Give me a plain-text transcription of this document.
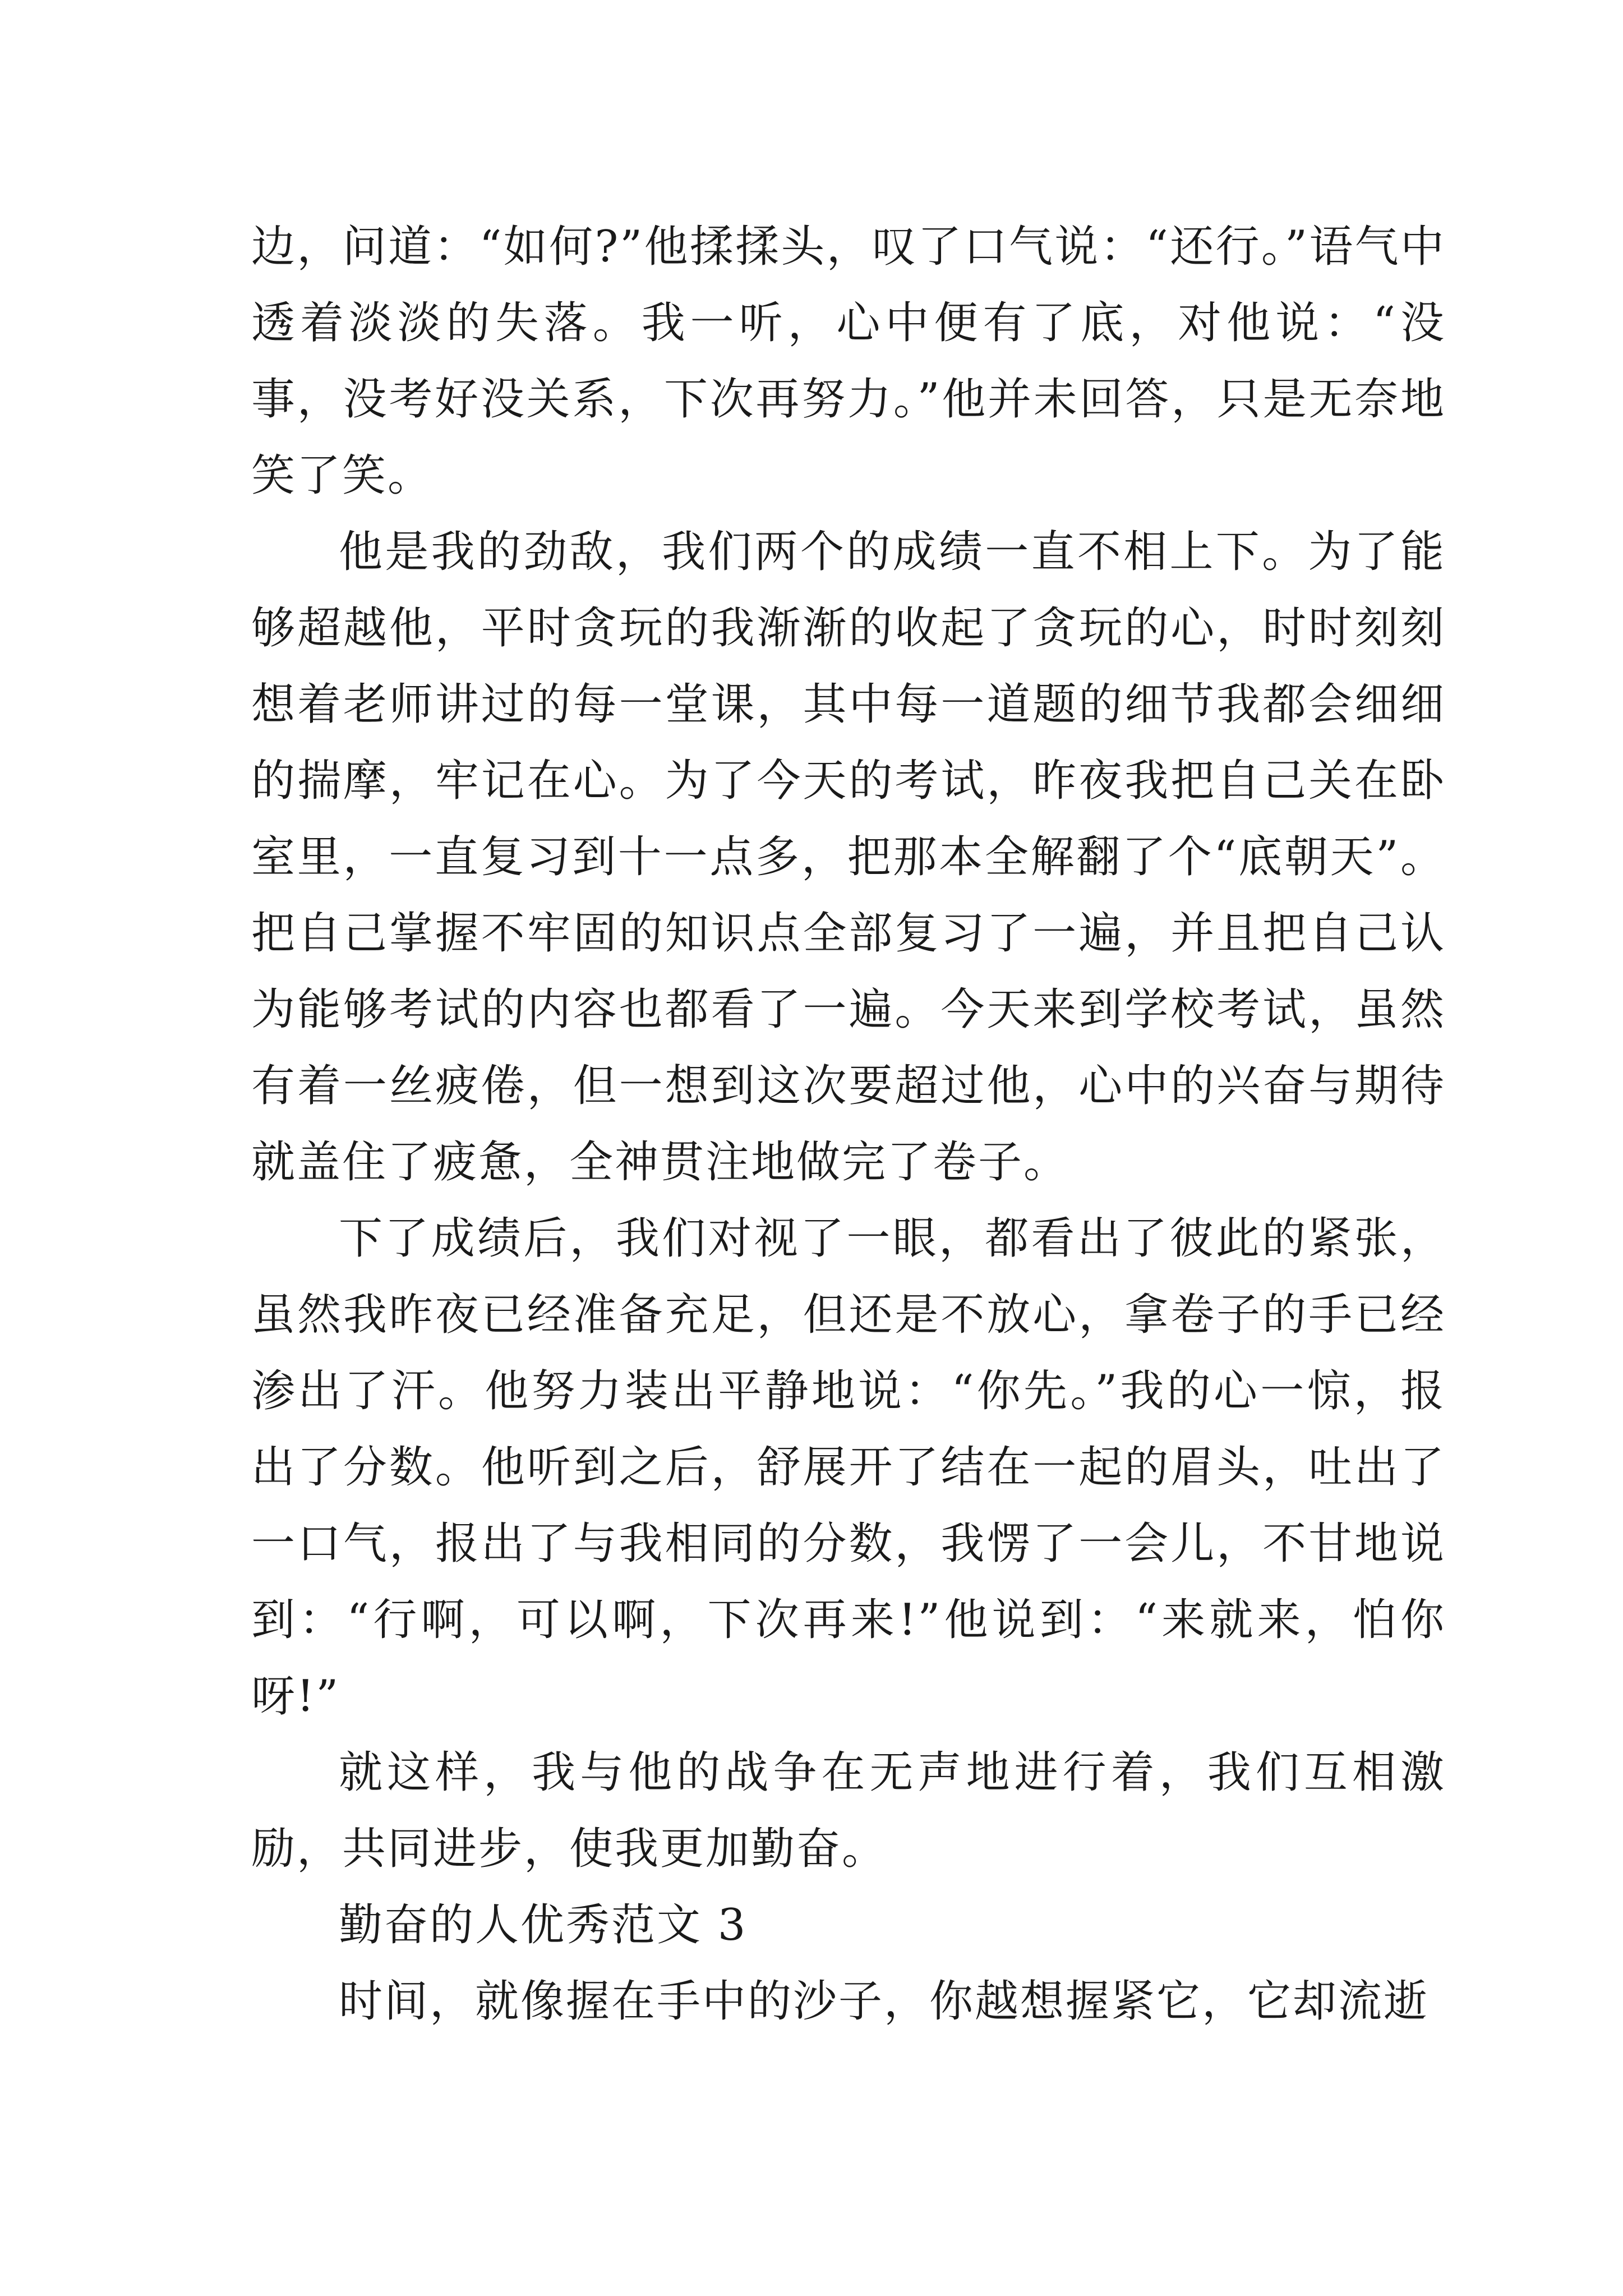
边，问道：“如何?”他揉揉头，叹了口气说：“还行。”语气中透着淡淡的失落。我一听，心中便有了底，对他说：“没事，没考好没关系，下次再努力。”他并未回答，只是无奈地笑了笑。

他是我的劲敌，我们两个的成绩一直不相上下。为了能够超越他，平时贪玩的我渐渐的收起了贪玩的心，时时刻刻想着老师讲过的每一堂课，其中每一道题的细节我都会细细的揣摩，牢记在心。为了今天的考试，昨夜我把自己关在卧室里，一直复习到十一点多，把那本全解翻了个“底朝天”。把自己掌握不牢固的知识点全部复习了一遍，并且把自己认为能够考试的内容也都看了一遍。今天来到学校考试，虽然有着一丝疲倦，但一想到这次要超过他，心中的兴奋与期待就盖住了疲惫，全神贯注地做完了卷子。

下了成绩后，我们对视了一眼，都看出了彼此的紧张，虽然我昨夜已经准备充足，但还是不放心，拿卷子的手已经渗出了汗。他努力装出平静地说：“你先。”我的心一惊，报出了分数。他听到之后，舒展开了结在一起的眉头，吐出了一口气，报出了与我相同的分数，我愣了一会儿，不甘地说到：“行啊，可以啊，下次再来!”他说到：“来就来，怕你呀!”

就这样，我与他的战争在无声地进行着，我们互相激励，共同进步，使我更加勤奋。

勤奋的人优秀范文 3

时间，就像握在手中的沙子，你越想握紧它，它却流逝
